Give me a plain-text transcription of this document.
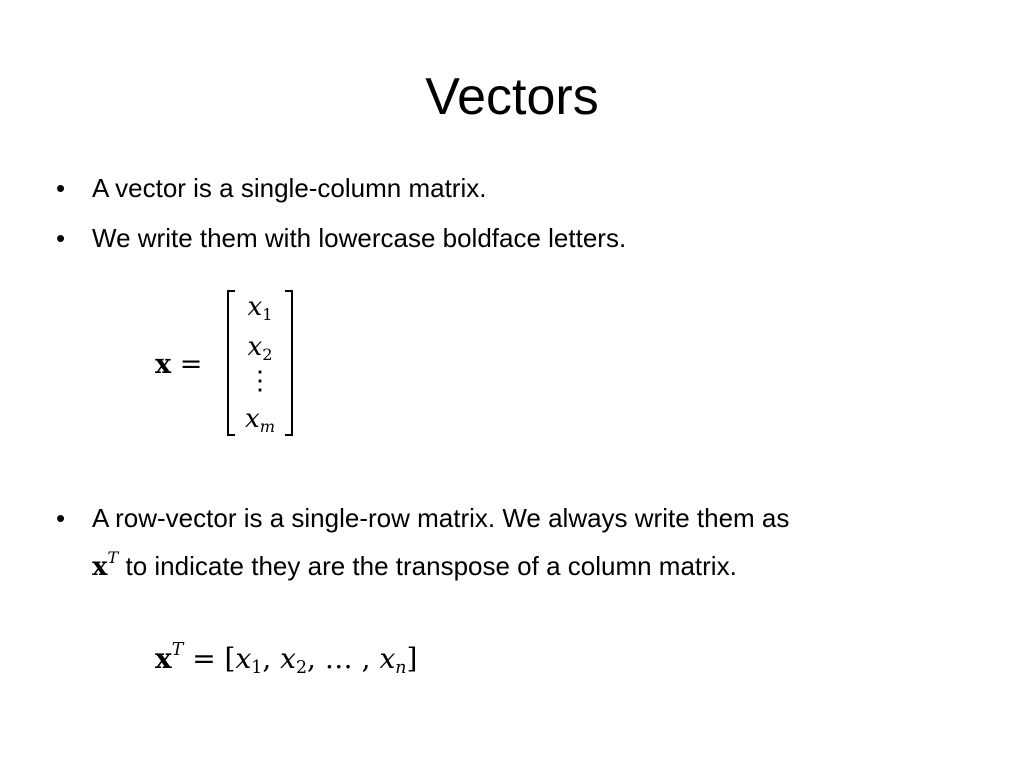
Vectors
• A vector is a single-column matrix.
• We write them with lowercase boldface letters.
x =
$x_1$
$x_2$
⋮
$x_m$
• A row-vector is a single-row matrix. We always write them as
$x^T$ to indicate they are the transpose of a column matrix.
$x^T = [x_1$, $x_2$, … , $x_n$]
